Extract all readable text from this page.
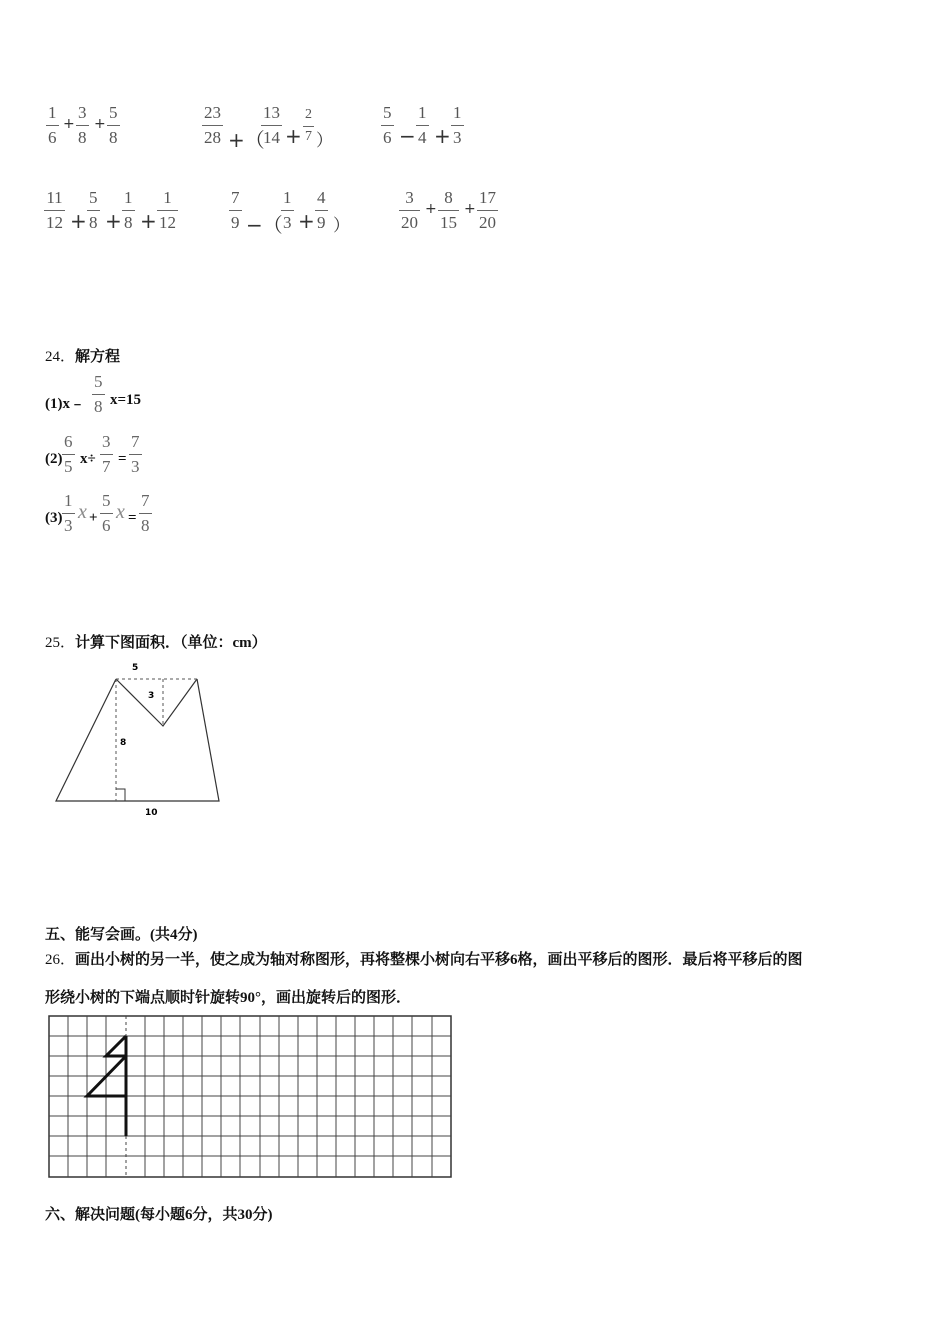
1
6
+
3
8
+
5
8
23
28 +（
13
14 +
2
7 ）
5
6 −
1
4 +
1
3
11
12 +
5
8 +
1
8 +
1
12
7
9 −（
1
3 +
4
9 ）
3
20
+
8
15
+
17
20
24．解方程
(1)x﹣
5
8 x=15
(2)
6
5 x÷
3
7 =
7
3
(3)
1
3
x +
5
6
x =
7
8
25．计算下图面积．（单位：cm）
5
3
8
10
五、能写会画。(共4分)
26．画出小树的另一半，使之成为轴对称图形，再将整棵小树向右平移6格，画出平移后的图形．最后将平移后的图
形绕小树的下端点顺时针旋转90°，画出旋转后的图形．
六、解决问题(每小题6分，共30分)
